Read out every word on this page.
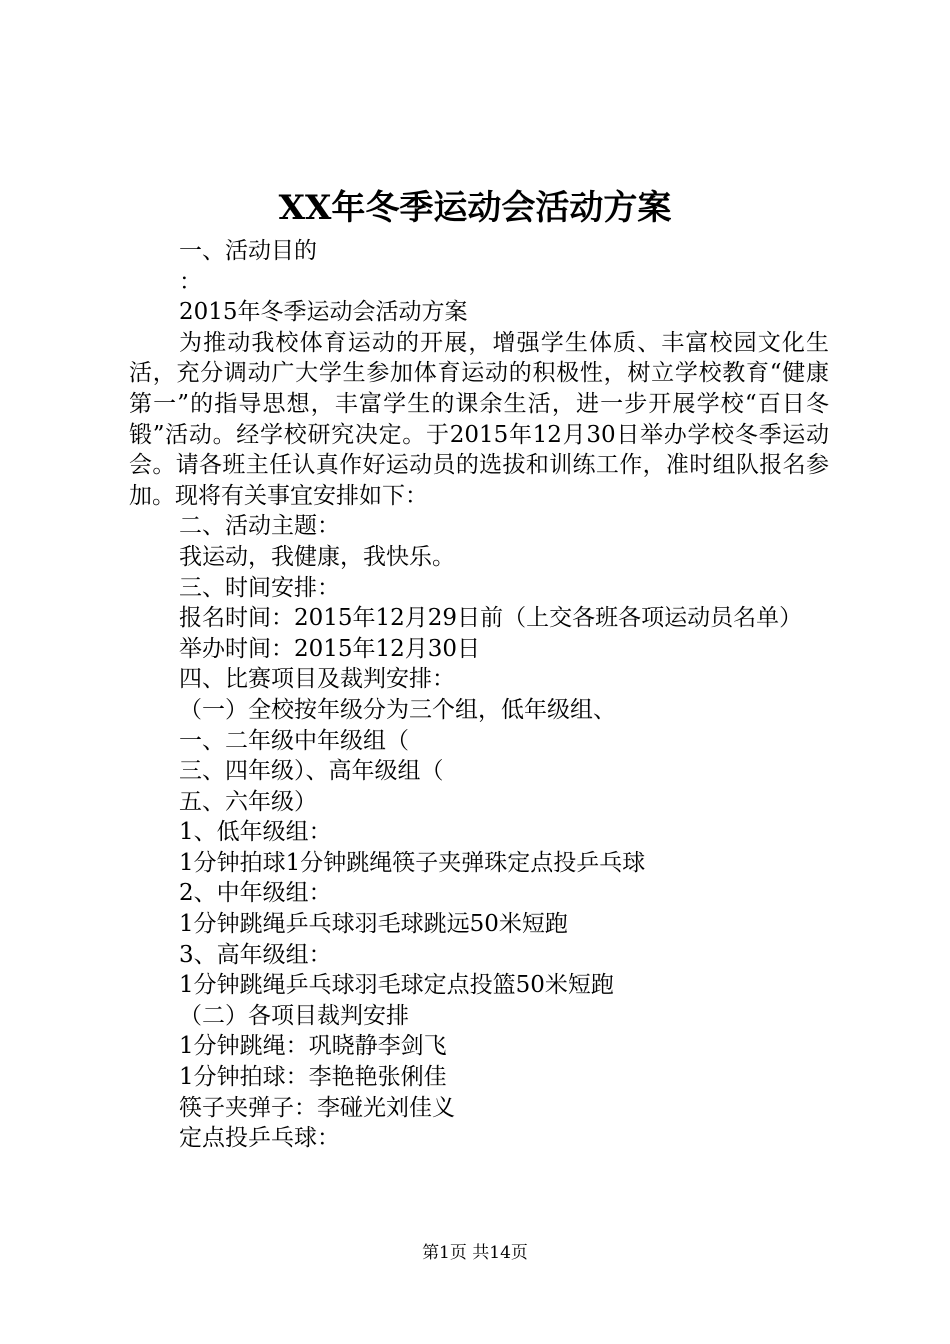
XX年冬季运动会活动方案
一、活动目的
：
2015年冬季运动会活动方案
为推动我校体育运动的开展，增强学生体质、丰富校园文化生活，充分调动广大学生参加体育运动的积极性，树立学校教育“健康第一”的指导思想，丰富学生的课余生活，进一步开展学校“百日冬锻”活动。经学校研究决定。于2015年12月30日举办学校冬季运动会。请各班主任认真作好运动员的选拔和训练工作，准时组队报名参加。现将有关事宜安排如下：
二、活动主题：
我运动，我健康，我快乐。
三、时间安排：
报名时间：2015年12月29日前（上交各班各项运动员名单）
举办时间：2015年12月30日
四、比赛项目及裁判安排：
（一）全校按年级分为三个组，低年级组、
一、二年级中年级组（
三、四年级）、高年级组（
五、六年级）
1、低年级组：
1分钟拍球1分钟跳绳筷子夹弹珠定点投乒乓球
2、中年级组：
1分钟跳绳乒乓球羽毛球跳远50米短跑
3、高年级组：
1分钟跳绳乒乓球羽毛球定点投篮50米短跑
（二）各项目裁判安排
1分钟跳绳：巩晓静李剑飞
1分钟拍球：李艳艳张俐佳
筷子夹弹子：李碰光刘佳义
定点投乒乓球：
第1页 共14页
